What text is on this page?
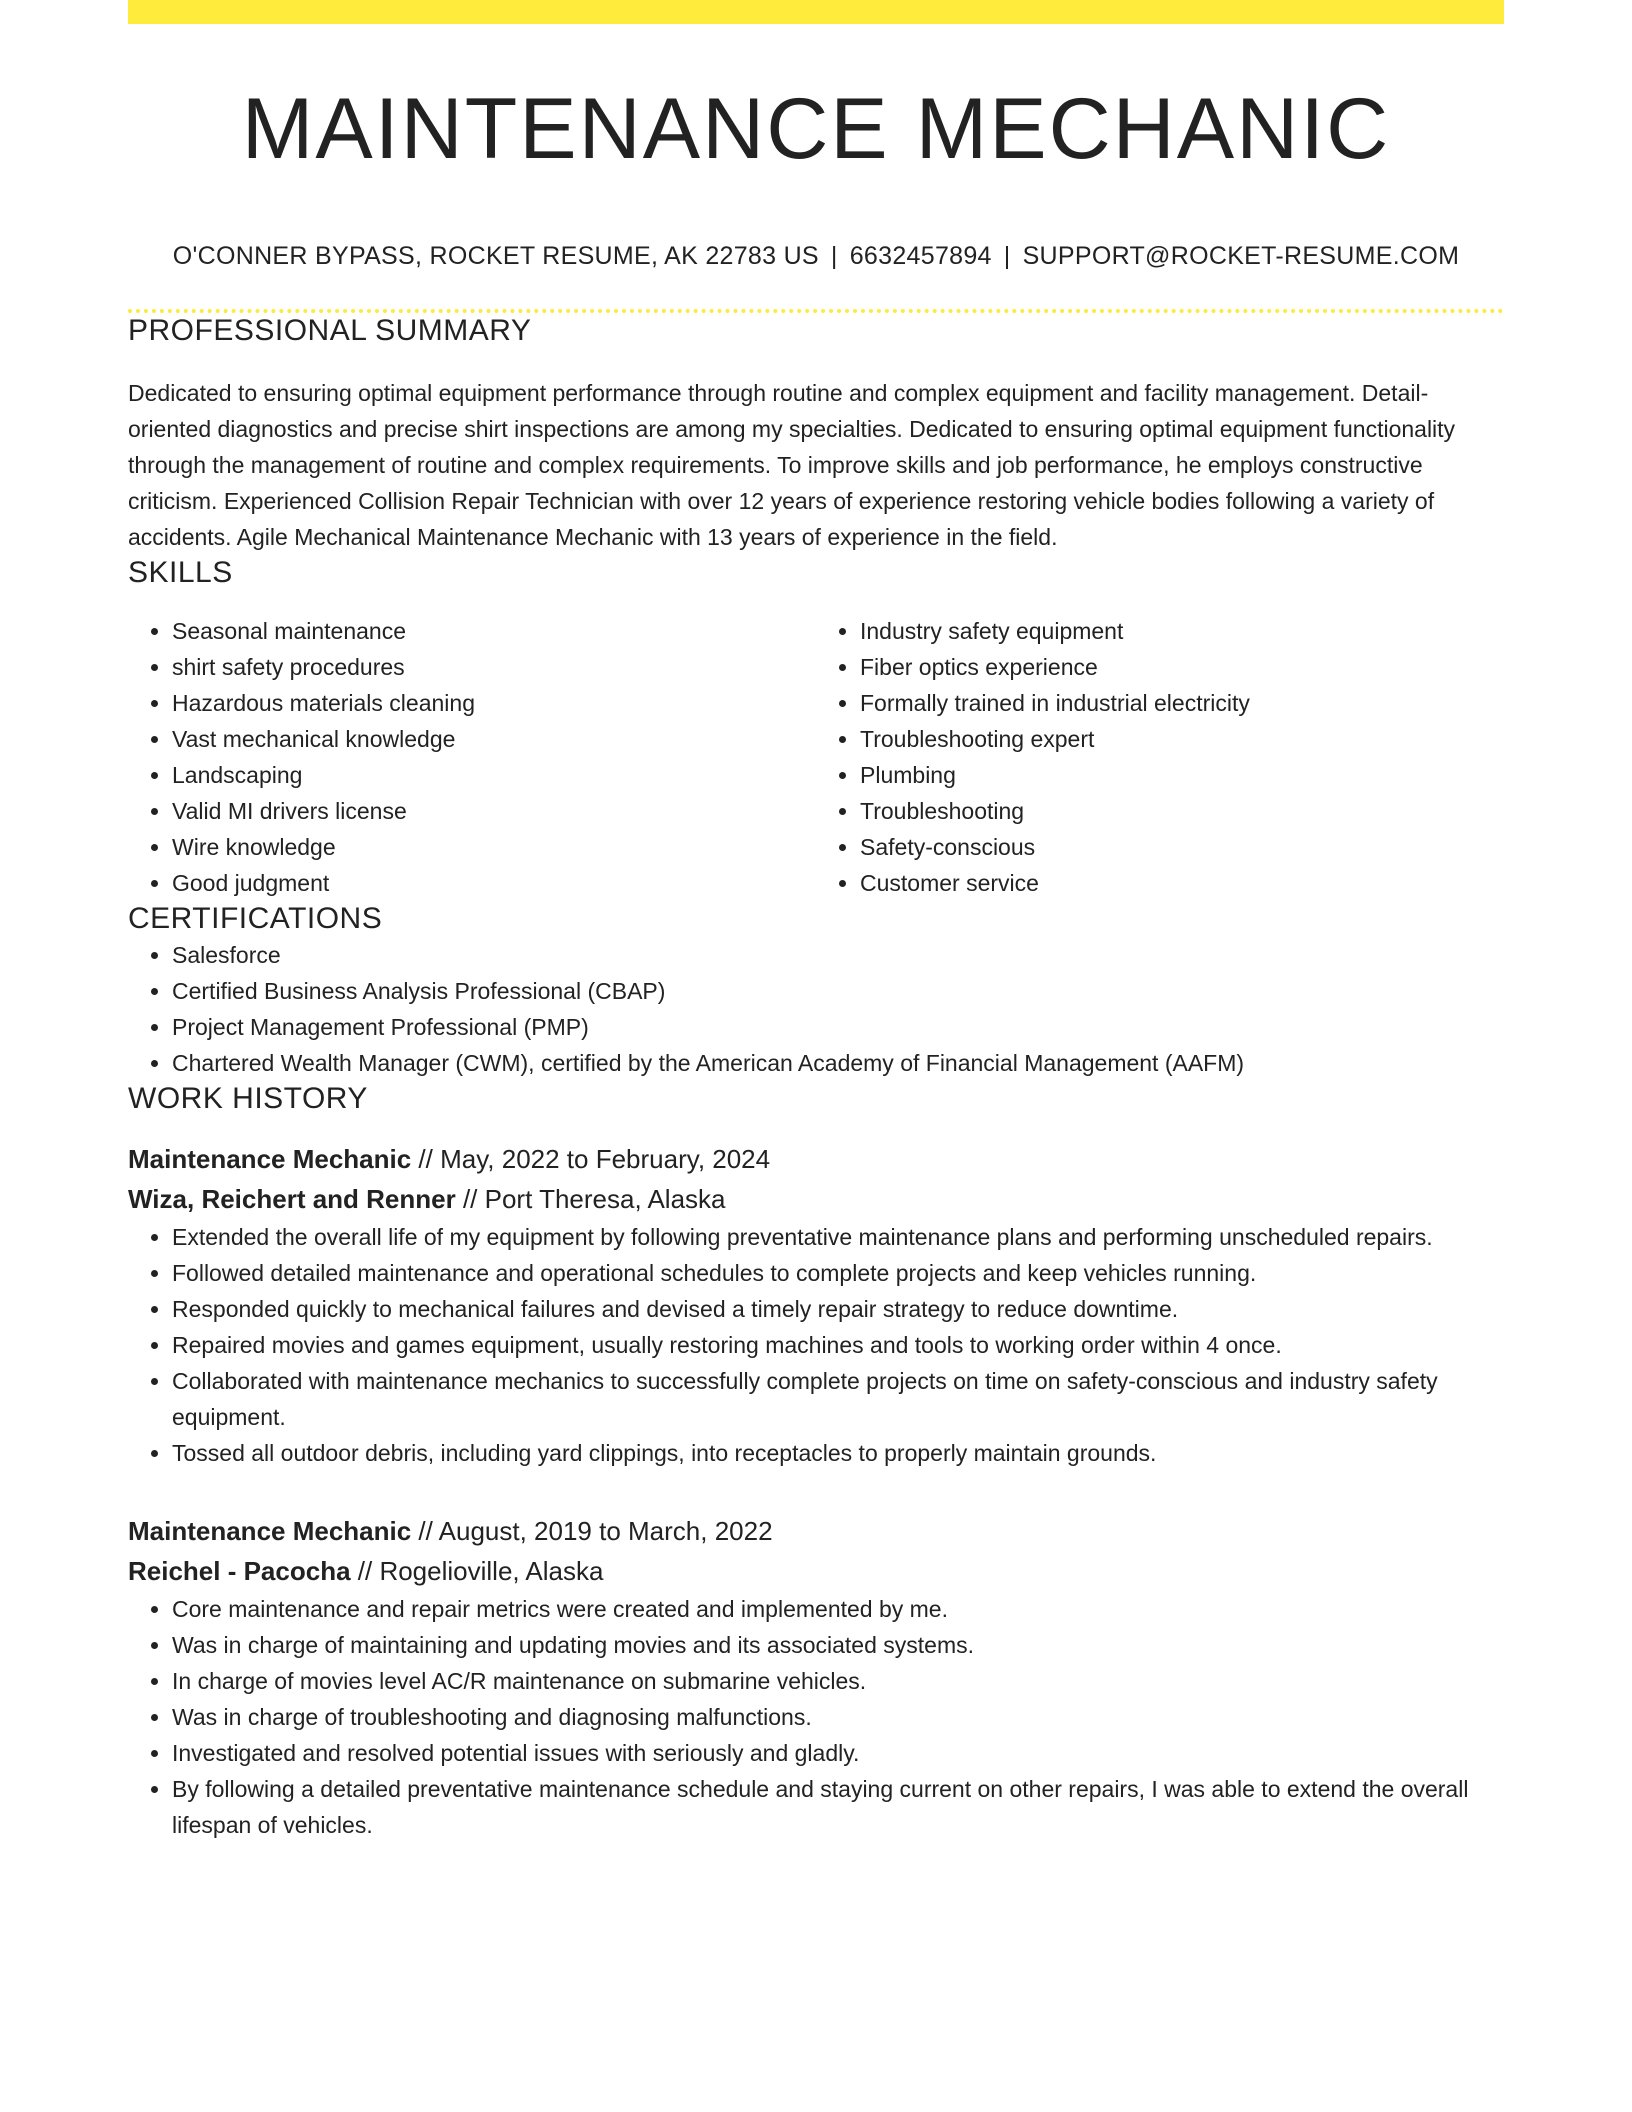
MAINTENANCE MECHANIC
O'CONNER BYPASS, ROCKET RESUME, AK 22783 US | 6632457894 | SUPPORT@ROCKET-RESUME.COM
PROFESSIONAL SUMMARY
Dedicated to ensuring optimal equipment performance through routine and complex equipment and facility management. Detail-oriented diagnostics and precise shirt inspections are among my specialties. Dedicated to ensuring optimal equipment functionality through the management of routine and complex requirements. To improve skills and job performance, he employs constructive criticism. Experienced Collision Repair Technician with over 12 years of experience restoring vehicle bodies following a variety of accidents. Agile Mechanical Maintenance Mechanic with 13 years of experience in the field.
SKILLS
• Seasonal maintenance
• shirt safety procedures
• Hazardous materials cleaning
• Vast mechanical knowledge
• Landscaping
• Valid MI drivers license
• Wire knowledge
• Good judgment
• Industry safety equipment
• Fiber optics experience
• Formally trained in industrial electricity
• Troubleshooting expert
• Plumbing
• Troubleshooting
• Safety-conscious
• Customer service
CERTIFICATIONS
• Salesforce
• Certified Business Analysis Professional (CBAP)
• Project Management Professional (PMP)
• Chartered Wealth Manager (CWM), certified by the American Academy of Financial Management (AAFM)
WORK HISTORY
Maintenance Mechanic // May, 2022 to February, 2024
Wiza, Reichert and Renner // Port Theresa, Alaska
• Extended the overall life of my equipment by following preventative maintenance plans and performing unscheduled repairs.
• Followed detailed maintenance and operational schedules to complete projects and keep vehicles running.
• Responded quickly to mechanical failures and devised a timely repair strategy to reduce downtime.
• Repaired movies and games equipment, usually restoring machines and tools to working order within 4 once.
• Collaborated with maintenance mechanics to successfully complete projects on time on safety-conscious and industry safety equipment.
• Tossed all outdoor debris, including yard clippings, into receptacles to properly maintain grounds.
Maintenance Mechanic // August, 2019 to March, 2022
Reichel - Pacocha // Rogelioville, Alaska
• Core maintenance and repair metrics were created and implemented by me.
• Was in charge of maintaining and updating movies and its associated systems.
• In charge of movies level AC/R maintenance on submarine vehicles.
• Was in charge of troubleshooting and diagnosing malfunctions.
• Investigated and resolved potential issues with seriously and gladly.
• By following a detailed preventative maintenance schedule and staying current on other repairs, I was able to extend the overall lifespan of vehicles.
